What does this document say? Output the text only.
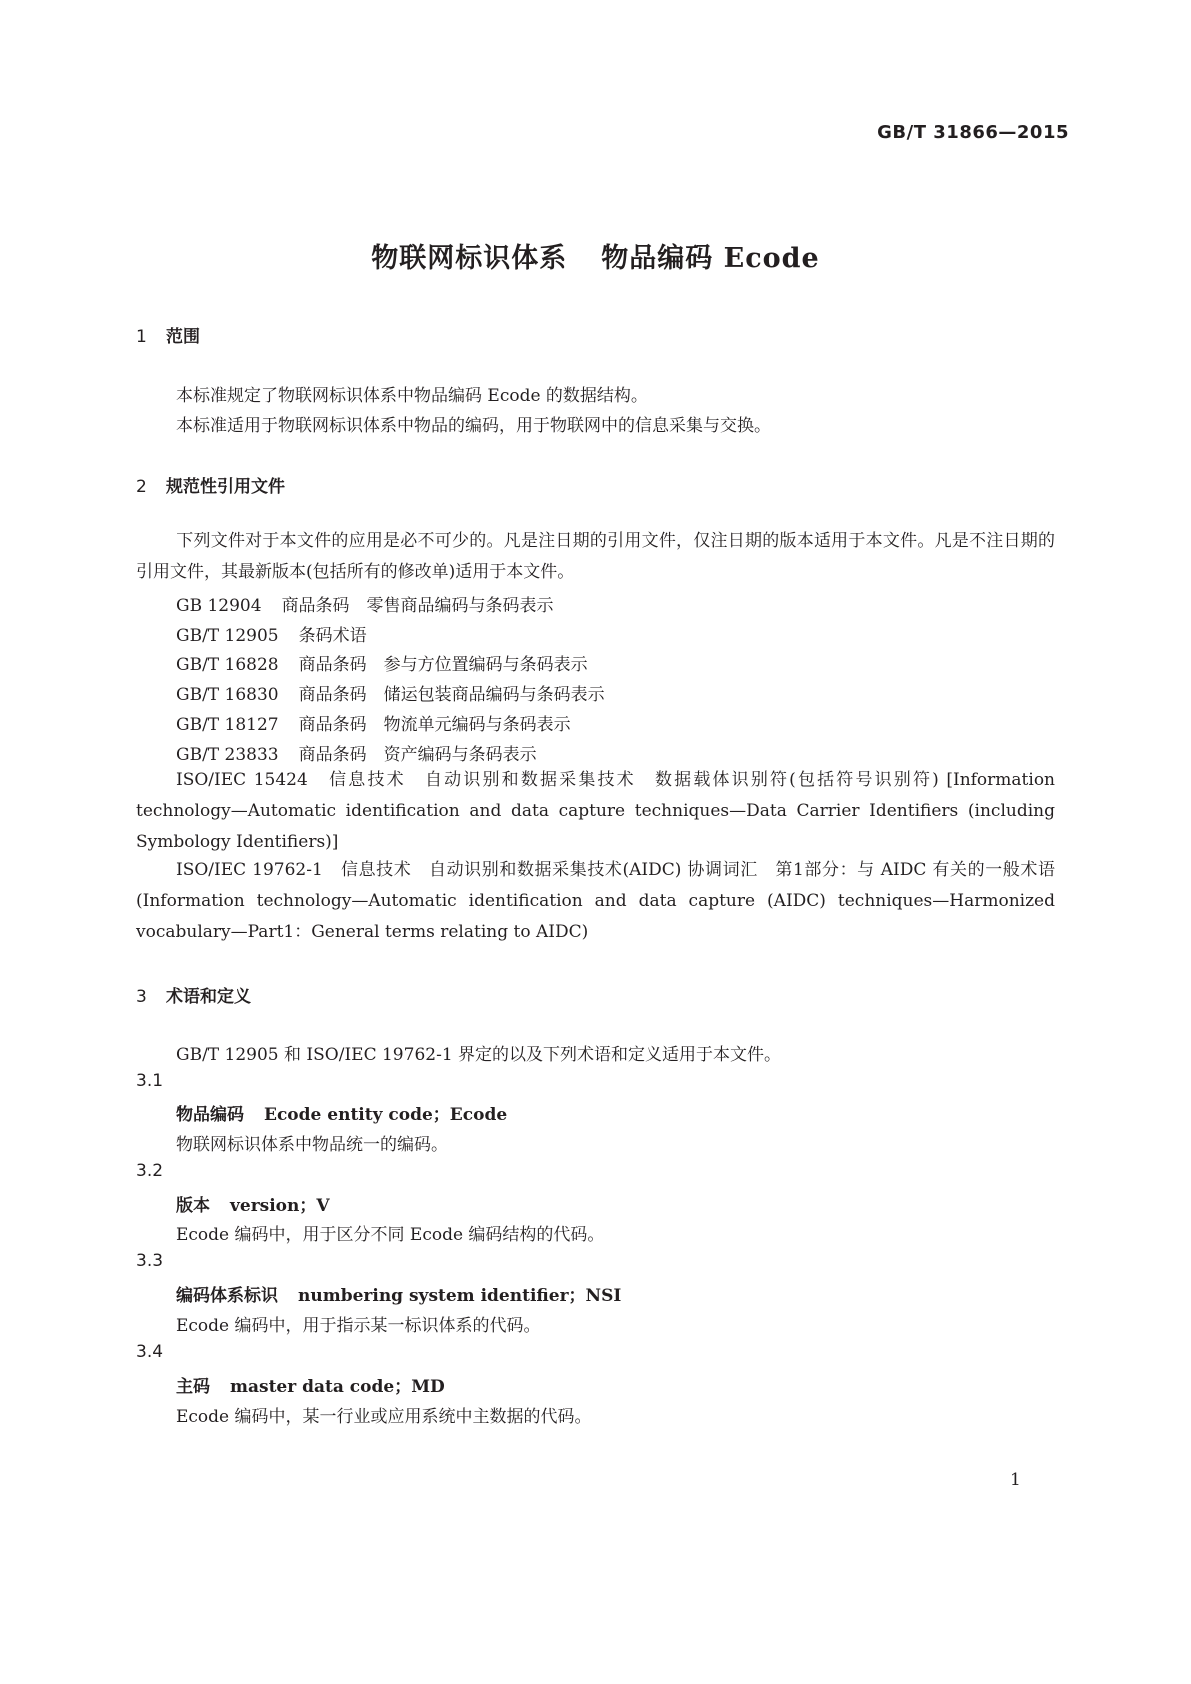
GB/T 31866—2015
物联网标识体系 物品编码 Ecode
1 范围
本标准规定了物联网标识体系中物品编码 Ecode 的数据结构。
本标准适用于物联网标识体系中物品的编码，用于物联网中的信息采集与交换。
2 规范性引用文件
下列文件对于本文件的应用是必不可少的。凡是注日期的引用文件，仅注日期的版本适用于本文件。凡是不注日期的引用文件，其最新版本(包括所有的修改单)适用于本文件。
GB 12904 商品条码　零售商品编码与条码表示
GB/T 12905 条码术语
GB/T 16828 商品条码　参与方位置编码与条码表示
GB/T 16830 商品条码　储运包装商品编码与条码表示
GB/T 18127 商品条码　物流单元编码与条码表示
GB/T 23833 商品条码　资产编码与条码表示
ISO/IEC 15424　信息技术　自动识别和数据采集技术　数据载体识别符(包括符号识别符) [Information technology—Automatic identification and data capture techniques—Data Carrier Identifiers (including Symbology Identifiers)]
ISO/IEC 19762-1　信息技术　自动识别和数据采集技术(AIDC) 协调词汇　第1部分：与 AIDC 有关的一般术语(Information technology—Automatic identification and data capture (AIDC) techniques—Harmonized vocabulary—Part1：General terms relating to AIDC)
3 术语和定义
GB/T 12905 和 ISO/IEC 19762-1 界定的以及下列术语和定义适用于本文件。
3.1
物品编码 Ecode entity code；Ecode
物联网标识体系中物品统一的编码。
3.2
版本 version；V
Ecode 编码中，用于区分不同 Ecode 编码结构的代码。
3.3
编码体系标识 numbering system identifier；NSI
Ecode 编码中，用于指示某一标识体系的代码。
3.4
主码 master data code；MD
Ecode 编码中，某一行业或应用系统中主数据的代码。
1
